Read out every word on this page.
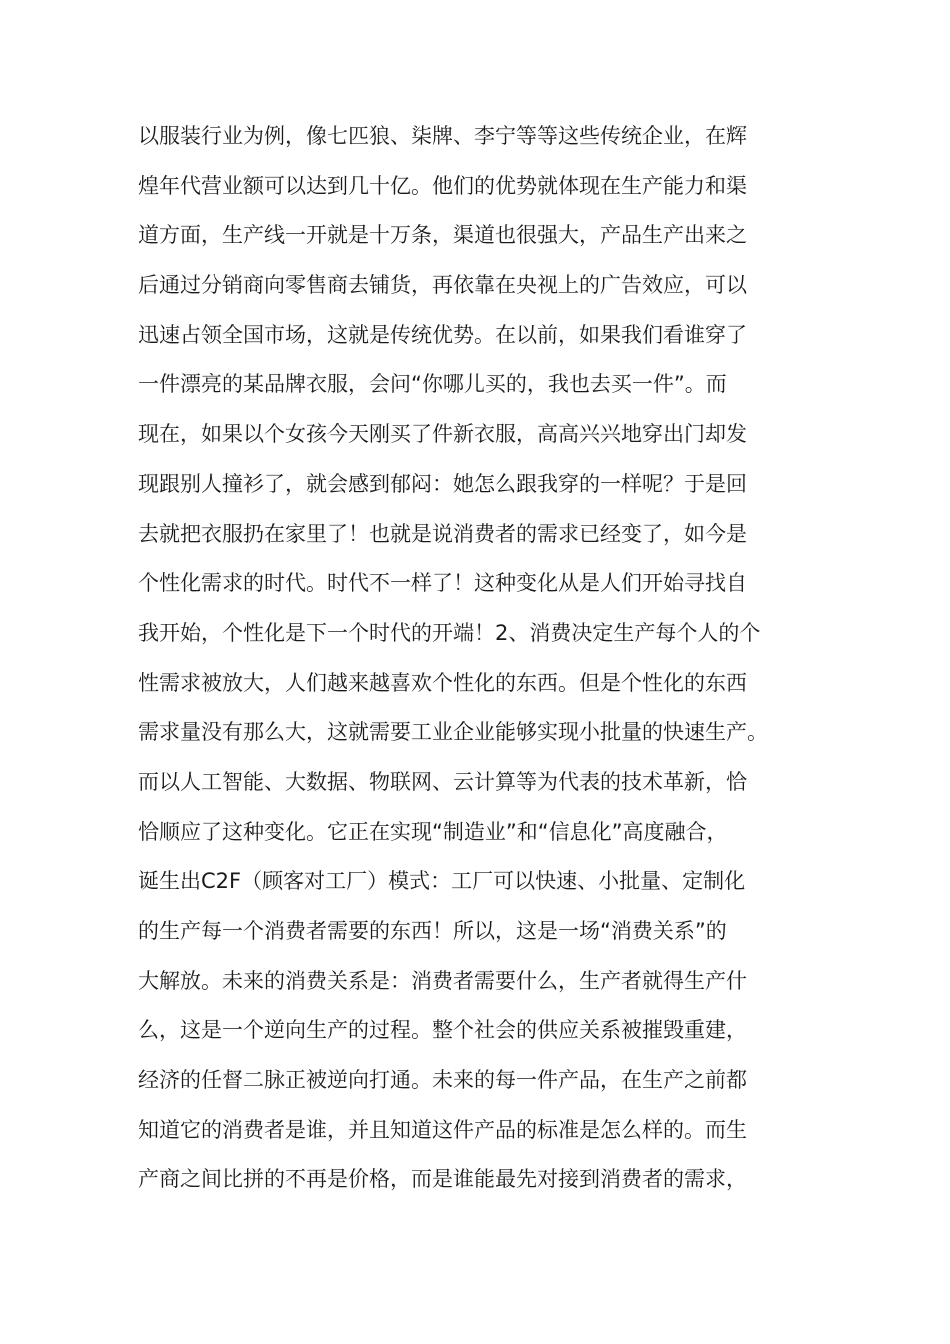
以服装行业为例，像七匹狼、柒牌、李宁等等这些传统企业，在辉
煌年代营业额可以达到几十亿。他们的优势就体现在生产能力和渠
道方面，生产线一开就是十万条，渠道也很强大，产品生产出来之
后通过分销商向零售商去铺货，再依靠在央视上的广告效应，可以
迅速占领全国市场，这就是传统优势。在以前，如果我们看谁穿了
一件漂亮的某品牌衣服，会问“你哪儿买的，我也去买一件”。而
现在，如果以个女孩今天刚买了件新衣服，高高兴兴地穿出门却发
现跟别人撞衫了，就会感到郁闷：她怎么跟我穿的一样呢？于是回
去就把衣服扔在家里了！也就是说消费者的需求已经变了，如今是
个性化需求的时代。时代不一样了！这种变化从是人们开始寻找自
我开始，个性化是下一个时代的开端！2、消费决定生产每个人的个
性需求被放大，人们越来越喜欢个性化的东西。但是个性化的东西
需求量没有那么大，这就需要工业企业能够实现小批量的快速生产。
而以人工智能、大数据、物联网、云计算等为代表的技术革新，恰
恰顺应了这种变化。它正在实现“制造业”和“信息化”高度融合，
诞生出C2F（顾客对工厂）模式：工厂可以快速、小批量、定制化
的生产每一个消费者需要的东西！所以，这是一场“消费关系”的
大解放。未来的消费关系是：消费者需要什么，生产者就得生产什
么，这是一个逆向生产的过程。整个社会的供应关系被摧毁重建，
经济的任督二脉正被逆向打通。未来的每一件产品，在生产之前都
知道它的消费者是谁，并且知道这件产品的标准是怎么样的。而生
产商之间比拼的不再是价格，而是谁能最先对接到消费者的需求，
